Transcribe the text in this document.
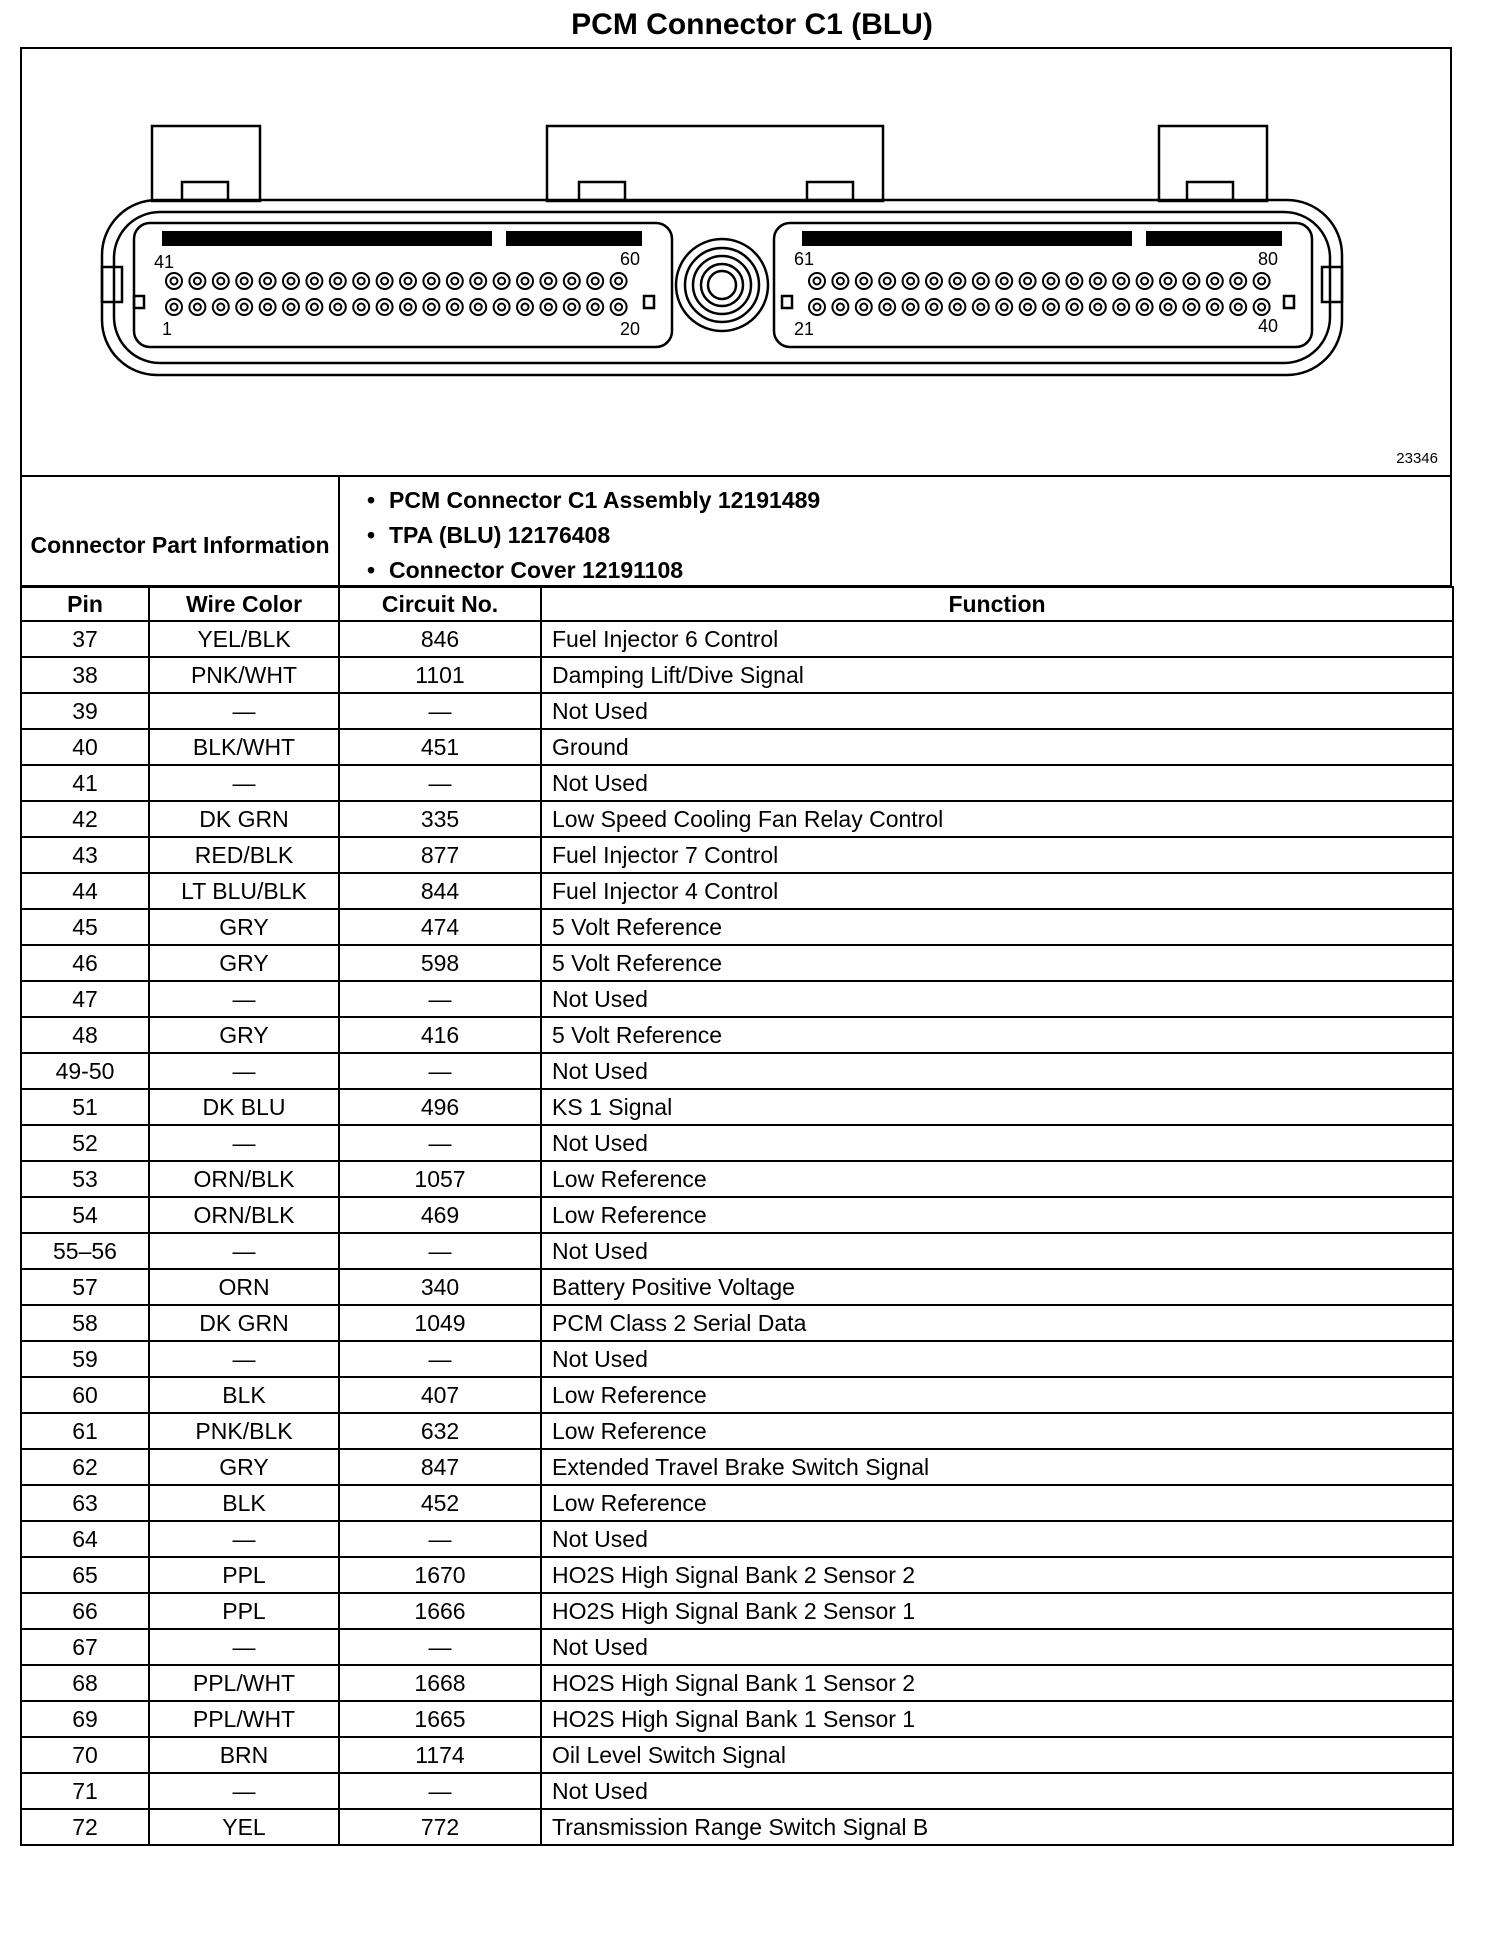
PCM Connector C1 (BLU)
41	60
1	20
61	80
21	40
23346
Connector Part Information
• PCM Connector C1 Assembly 12191489
• TPA (BLU) 12176408
• Connector Cover 12191108
Pin	Wire Color	Circuit No.	Function
37	YEL/BLK	846	Fuel Injector 6 Control
38	PNK/WHT	1101	Damping Lift/Dive Signal
39	—	—	Not Used
40	BLK/WHT	451	Ground
41	—	—	Not Used
42	DK GRN	335	Low Speed Cooling Fan Relay Control
43	RED/BLK	877	Fuel Injector 7 Control
44	LT BLU/BLK	844	Fuel Injector 4 Control
45	GRY	474	5 Volt Reference
46	GRY	598	5 Volt Reference
47	—	—	Not Used
48	GRY	416	5 Volt Reference
49-50	—	—	Not Used
51	DK BLU	496	KS 1 Signal
52	—	—	Not Used
53	ORN/BLK	1057	Low Reference
54	ORN/BLK	469	Low Reference
55–56	—	—	Not Used
57	ORN	340	Battery Positive Voltage
58	DK GRN	1049	PCM Class 2 Serial Data
59	—	—	Not Used
60	BLK	407	Low Reference
61	PNK/BLK	632	Low Reference
62	GRY	847	Extended Travel Brake Switch Signal
63	BLK	452	Low Reference
64	—	—	Not Used
65	PPL	1670	HO2S High Signal Bank 2 Sensor 2
66	PPL	1666	HO2S High Signal Bank 2 Sensor 1
67	—	—	Not Used
68	PPL/WHT	1668	HO2S High Signal Bank 1 Sensor 2
69	PPL/WHT	1665	HO2S High Signal Bank 1 Sensor 1
70	BRN	1174	Oil Level Switch Signal
71	—	—	Not Used
72	YEL	772	Transmission Range Switch Signal B
